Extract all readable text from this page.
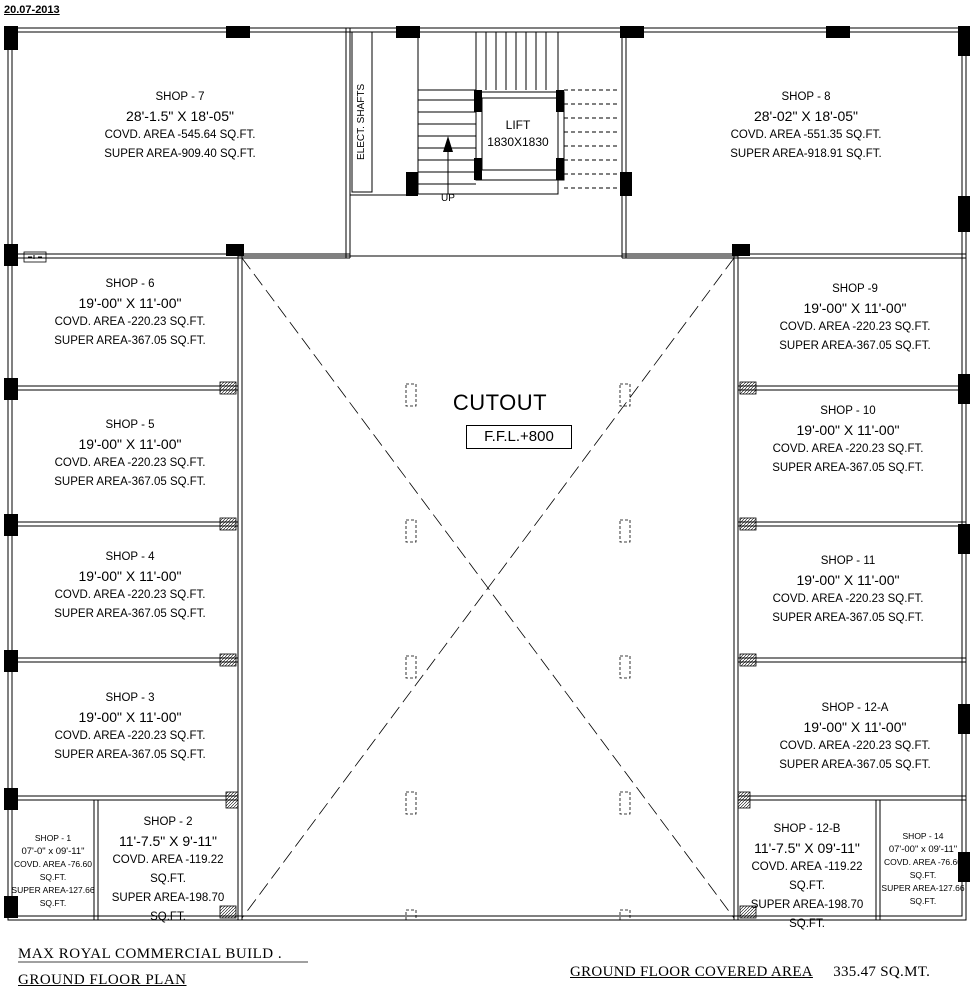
20.07-2013
SHOP - 7
28'-1.5" X 18'-05"
COVD. AREA -545.64 SQ.FT.
SUPER AREA-909.40 SQ.FT.
SHOP - 8
28'-02" X 18'-05"
COVD. AREA -551.35 SQ.FT.
SUPER AREA-918.91 SQ.FT.
SHOP - 6
19'-00" X 11'-00"
COVD. AREA -220.23 SQ.FT.
SUPER AREA-367.05 SQ.FT.
SHOP - 5
19'-00" X 11'-00"
COVD. AREA -220.23 SQ.FT.
SUPER AREA-367.05 SQ.FT.
SHOP - 4
19'-00" X 11'-00"
COVD. AREA -220.23 SQ.FT.
SUPER AREA-367.05 SQ.FT.
SHOP - 3
19'-00" X 11'-00"
COVD. AREA -220.23 SQ.FT.
SUPER AREA-367.05 SQ.FT.
SHOP - 2
11'-7.5" X 9'-11"
COVD. AREA -119.22 SQ.FT.
SUPER AREA-198.70 SQ.FT.
SHOP - 1
07'-0" x 09'-11"
COVD. AREA -76.60 SQ.FT.
SUPER AREA-127.66 SQ.FT.
SHOP -9
19'-00" X 11'-00"
COVD. AREA -220.23 SQ.FT.
SUPER AREA-367.05 SQ.FT.
SHOP - 10
19'-00" X 11'-00"
COVD. AREA -220.23 SQ.FT.
SUPER AREA-367.05 SQ.FT.
SHOP - 11
19'-00" X 11'-00"
COVD. AREA -220.23 SQ.FT.
SUPER AREA-367.05 SQ.FT.
SHOP - 12-A
19'-00" X 11'-00"
COVD. AREA -220.23 SQ.FT.
SUPER AREA-367.05 SQ.FT.
SHOP - 12-B
11'-7.5" X 09'-11"
COVD. AREA -119.22 SQ.FT.
SUPER AREA-198.70 SQ.FT.
SHOP - 14
07'-00" x 09'-11"
COVD. AREA -76.60 SQ.FT.
SUPER AREA-127.66 SQ.FT.
CUTOUT
F.F.L.+800
LIFT
1830X1830
ELECT. SHAFTS
UP
MAX ROYAL COMMERCIAL BUILD .
GROUND FLOOR PLAN	GROUND FLOOR COVERED AREA 335.47 SQ.MT.
